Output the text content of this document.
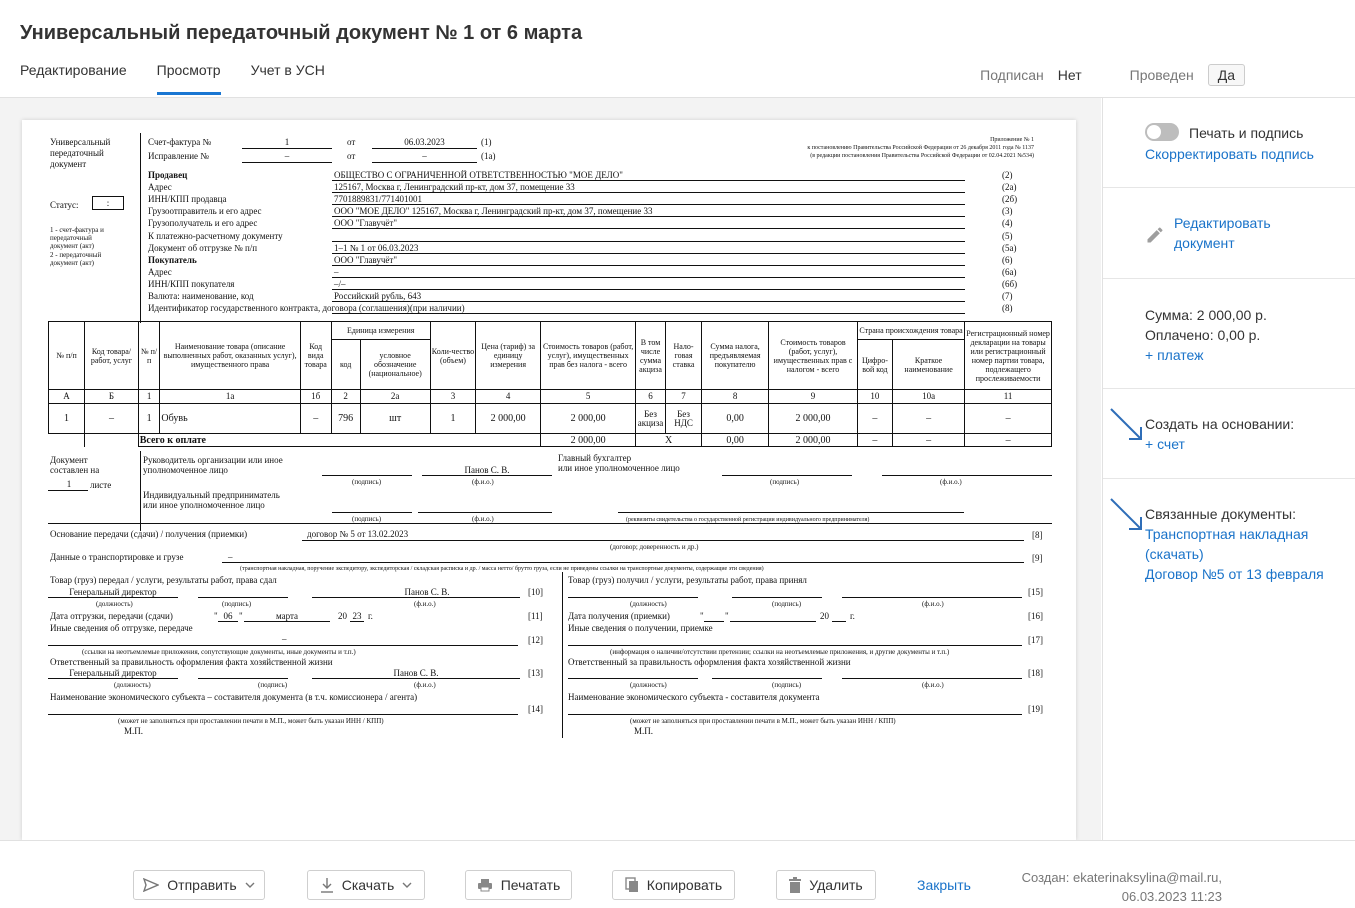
Универсальный передаточный документ № 1 от 6 марта
Редактирование Просмотр Учет в УСН	Подписан Нет	Проведен	Да
Универсальный
передаточный
документ
Статус:	:
1 - счет-фактура и
передаточный
документ (акт)
2 - передаточный
документ (акт)
Счет-фактура №	1	от	06.03.2023	(1)
Исправление №	–	от	–	(1а)
Приложение № 1
к постановлению Правительства Российской Федерации от 26 декабря 2011 года № 1137
(в редакции постановления Правительства Российской Федерации от 02.04.2021 №534)
Продавец	ОБЩЕСТВО С ОГРАНИЧЕННОЙ ОТВЕТСТВЕННОСТЬЮ "МОЕ ДЕЛО"	(2)
Адрес	125167, Москва г, Ленинградский пр-кт, дом 37, помещение 33	(2а)
ИНН/КПП продавца	7701889831/771401001	(2б)
Грузоотправитель и его адрес	ООО "МОЕ ДЕЛО" 125167, Москва г, Ленинградский пр-кт, дом 37, помещение 33	(3)
Грузополучатель и его адрес	ООО "Главучёт"	(4)
К платежно-расчетному документу	(5)
Документ об отгрузке № п/п	1–1 № 1 от 06.03.2023	(5а)
Покупатель	ООО "Главучёт"	(6)
Адрес	–	(6а)
ИНН/КПП покупателя	–/–	(6б)
Валюта: наименование, код	Российский рубль, 643	(7)
Идентификатор государственного контракта, договора (соглашения)(при наличии)	(8)
№ п/п	Код товара/ работ, услуг	№ п/п	Наименование товара (описание выполненных работ, оказанных услуг), имущественного права	Код вида товара	Единица измерения		Коли-чество (объем)	Цена (тариф) за единицу измерения	Стоимость товаров (работ, услуг), имущественных прав без налога - всего	В том числе сумма акциза	Нало-говая ставка	Сумма налога, предъявляемая покупателю	Стоимость товаров (работ, услуг), имущественных прав с налогом - всего	Страна происхождения товара		Регистрационный номер декларации на товары или регистрационный номер партии товара, подлежащего прослеживаемости
					код	условное обозначение (национальное)								Цифро-вой код	Краткое наименование	
А	Б	1	1а	1б	2	2а	3	4	5	6	7	8	9	10	10а	11
1	–	1	Обувь	–	796	шт	1	2 000,00	2 000,00	Без акциза	Без НДС	0,00	2 000,00	–	–	–
		Всего к оплате							2 000,00	X		0,00	2 000,00	–	–	–
Документ
составлен на
1	листе
Руководитель организации или иное
уполномоченное лицо	Панов С. В.
(подпись)	(ф.и.о.)
Главный бухгалтер
или иное уполномоченное лицо
(подпись)	(ф.и.о.)
Индивидуальный предприниматель
или иное уполномоченное лицо
(подпись)	(ф.и.о.)	(реквизиты свидетельства о государственной регистрации индивидуального предпринимателя)
Основание передачи (сдачи) / получения (приемки)	договор № 5 от 13.02.2023	[8]
(договор; доверенность и др.)
Данные о транспортировке и грузе	–	[9]
(транспортная накладная, поручение экспедитору, экспедиторская / складская расписка и др. / масса нетто/ брутто груза, если не приведены ссылки на транспортные документы, содержащие эти сведения)
Товар (груз) передал / услуги, результаты работ, права сдал
Генеральный директор	Панов С. В.	[10]
(должность)	(подпись)	(ф.и.о.)
Дата отгрузки, передачи (сдачи)	" 06 "	марта	20 23 г.	[11]
Иные сведения об отгрузке, передаче
–	[12]
(ссылки на неотъемлемые приложения, сопутствующие документы, иные документы и т.п.)
Ответственный за правильность оформления факта хозяйственной жизни
Генеральный директор	Панов С. В.	[13]
(должность)	(подпись)	(ф.и.о.)
Наименование экономического субъекта – составителя документа (в т.ч. комиссионера / агента)
[14]
(может не заполняться при проставлении печати в М.П., может быть указан ИНН / КПП)
М.П.
Товар (груз) получил / услуги, результаты работ, права принял
[15]
(должность)	(подпись)	(ф.и.о.)
Дата получения (приемки)	" "	20 г.	[16]
Иные сведения о получении, приемке
[17]
(информация о наличии/отсутствии претензии; ссылки на неотъемлемые приложения, и другие документы и т.п.)
Ответственный за правильность оформления факта хозяйственной жизни
[18]
(должность)	(подпись)	(ф.и.о.)
Наименование экономического субъекта - составителя документа
[19]
(может не заполняться при проставлении печати в М.П., может быть указан ИНН / КПП)
М.П.
Печать и подпись
Скорректировать подпись
Редактировать
документ
Сумма: 2 000,00 р.
Оплачено: 0,00 р.
+ платеж
Создать на основании:
+ счет
Связанные документы:
Транспортная накладная
(скачать)
Договор №5 от 13 февраля
Отправить	Скачать	Печатать	Копировать	Удалить	Закрыть	Создан: ekaterinaksylina@mail.ru,
06.03.2023 11:23
